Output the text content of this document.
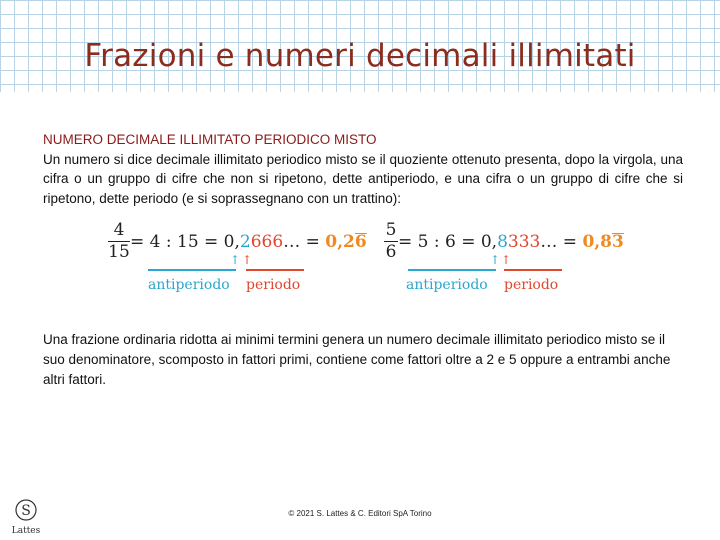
Frazioni e numeri decimali illimitati
NUMERO DECIMALE ILLIMITATO PERIODICO MISTO

Un numero si dice decimale illimitato periodico misto se il quoziente ottenuto presenta, dopo la virgola, una cifra o un gruppo di cifre che non si ripetono, dette antiperiodo, e una cifra o un gruppo di cifre che si ripetono, dette periodo (e si soprassegnano con un trattino):

4
15 = 4 : 15 = 0,2666… = 0,26
↑ ↑
antiperiodo periodo
5
6 = 5 : 6 = 0,8333… = 0,83
↑ ↑
antiperiodo periodo

Una frazione ordinaria ridotta ai minimi termini genera un numero decimale illimitato periodico misto se il suo denominatore, scomposto in fattori primi, contiene come fattori oltre a 2 e 5 oppure a entrambi anche altri fattori.

S
Lattes
© 2021 S. Lattes & C. Editori SpA Torino
